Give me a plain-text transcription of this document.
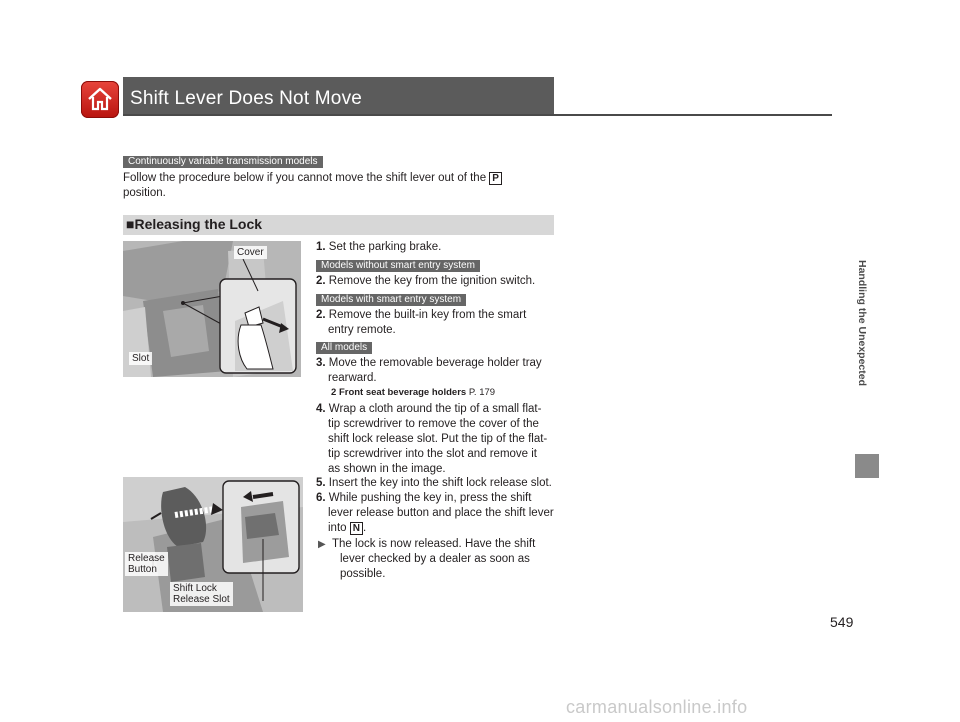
Shift Lever Does Not Move
Continuously variable transmission models
Follow the procedure below if you cannot move the shift lever out of the P
position.
■Releasing the Lock
Cover
Slot
Release
Button
Shift Lock
Release Slot
1. Set the parking brake.
Models without smart entry system
2. Remove the key from the ignition switch.
Models with smart entry system
2. Remove the built-in key from the smart
entry remote.
All models
3. Move the removable beverage holder tray
rearward.
2 Front seat beverage holders P. 179
4. Wrap a cloth around the tip of a small flat-
tip screwdriver to remove the cover of the
shift lock release slot. Put the tip of the flat-
tip screwdriver into the slot and remove it
as shown in the image.
5. Insert the key into the shift lock release slot.
6. While pushing the key in, press the shift
lever release button and place the shift lever
into N .
▶ The lock is now released. Have the shift
lever checked by a dealer as soon as
possible.
Handling the Unexpected
549
carmanualsonline.info
